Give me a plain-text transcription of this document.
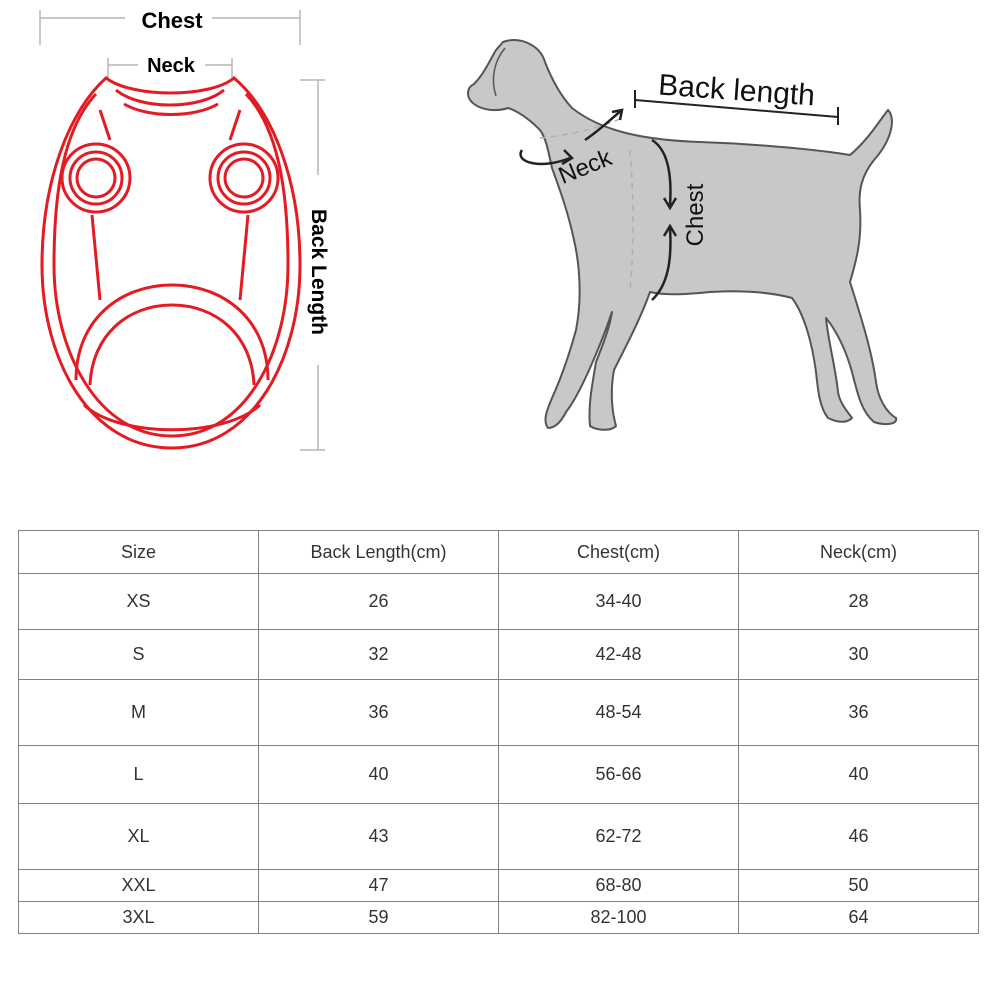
Chest
Neck
Back Length
Back length
Neck
Chest
Size	Back Length(cm)	Chest(cm)	Neck(cm)
XS	26	34-40	28
S	32	42-48	30
M	36	48-54	36
L	40	56-66	40
XL	43	62-72	46
XXL	47	68-80	50
3XL	59	82-100	64
